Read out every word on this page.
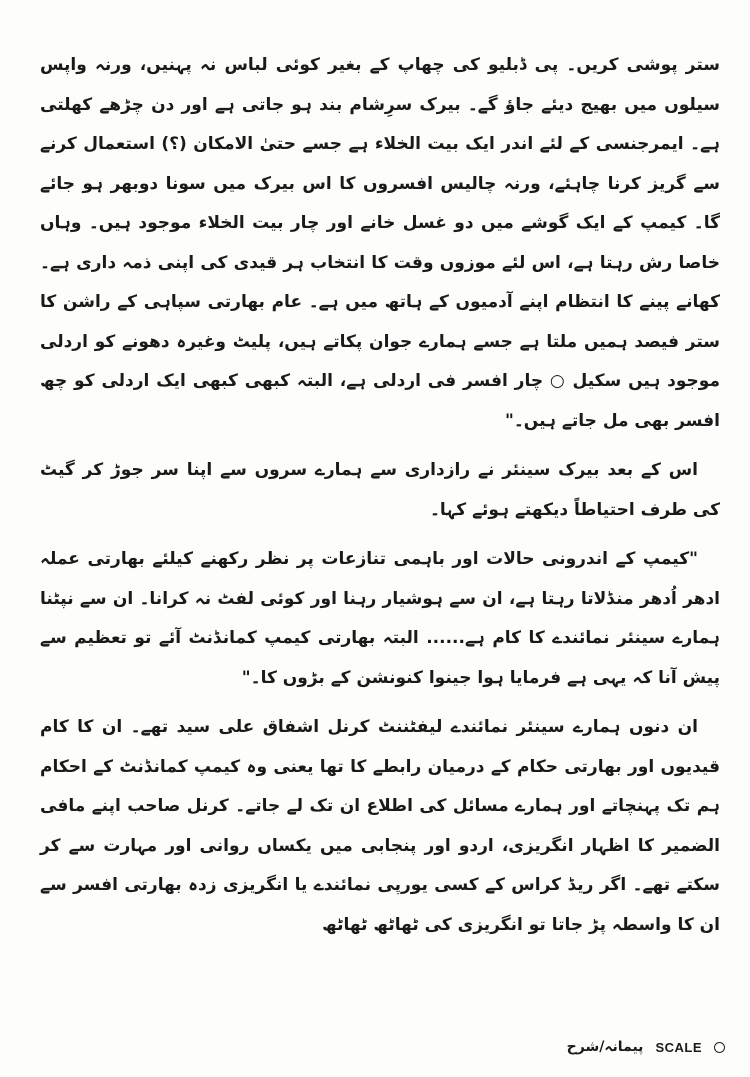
ستر پوشی کریں۔ پی ڈبلیو کی چھاپ کے بغیر کوئی لباس نہ پہنیں، ورنہ واپس سیلوں میں بھیج دیئے جاؤ گے۔ بیرک سرِشام بند ہو جاتی ہے اور دن چڑھے کھلتی ہے۔ ایمرجنسی کے لئے اندر ایک بیت الخلاء ہے جسے حتیٰ الامکان (؟) استعمال کرنے سے گریز کرنا چاہئے، ورنہ چالیس افسروں کا اس بیرک میں سونا دوبھر ہو جائے گا۔ کیمپ کے ایک گوشے میں دو غسل خانے اور چار بیت الخلاء موجود ہیں۔ وہاں خاصا رش رہتا ہے، اس لئے موزوں وقت کا انتخاب ہر قیدی کی اپنی ذمہ داری ہے۔ کھانے پینے کا انتظام اپنے آدمیوں کے ہاتھ میں ہے۔ عام بھارتی سپاہی کے راشن کا ستر فیصد ہمیں ملتا ہے جسے ہمارے جوان پکاتے ہیں، پلیٹ وغیرہ دھونے کو اردلی موجود ہیں سکیل ○ چار افسر فی اردلی ہے، البتہ کبھی کبھی ایک اردلی کو چھ افسر بھی مل جاتے ہیں۔"

اس کے بعد بیرک سینئر نے رازداری سے ہمارے سروں سے اپنا سر جوڑ کر گیٹ کی طرف احتیاطاً دیکھتے ہوئے کہا۔

"کیمپ کے اندرونی حالات اور باہمی تنازعات پر نظر رکھنے کیلئے بھارتی عملہ ادھر اُدھر منڈلاتا رہتا ہے، ان سے ہوشیار رہنا اور کوئی لفٹ نہ کرانا۔ ان سے نپٹنا ہمارے سینئر نمائندے کا کام ہے...... البتہ بھارتی کیمپ کمانڈنٹ آئے تو تعظیم سے پیش آنا کہ یہی ہے فرمایا ہوا جینوا کنونشن کے بڑوں کا۔"

ان دنوں ہمارے سینئر نمائندے لیفٹننٹ کرنل اشفاق علی سید تھے۔ ان کا کام قیدیوں اور بھارتی حکام کے درمیان رابطے کا تھا یعنی وہ کیمپ کمانڈنٹ کے احکام ہم تک پہنچاتے اور ہمارے مسائل کی اطلاع ان تک لے جاتے۔ کرنل صاحب اپنے مافی الضمیر کا اظہار انگریزی، اردو اور پنجابی میں یکساں روانی اور مہارت سے کر سکتے تھے۔ اگر ریڈ کراس کے کسی یورپی نمائندے یا انگریزی زدہ بھارتی افسر سے ان کا واسطہ پڑ جاتا تو انگریزی کی ٹھاٹھ ٹھاٹھ

پیمانہ/شرح SCALE
